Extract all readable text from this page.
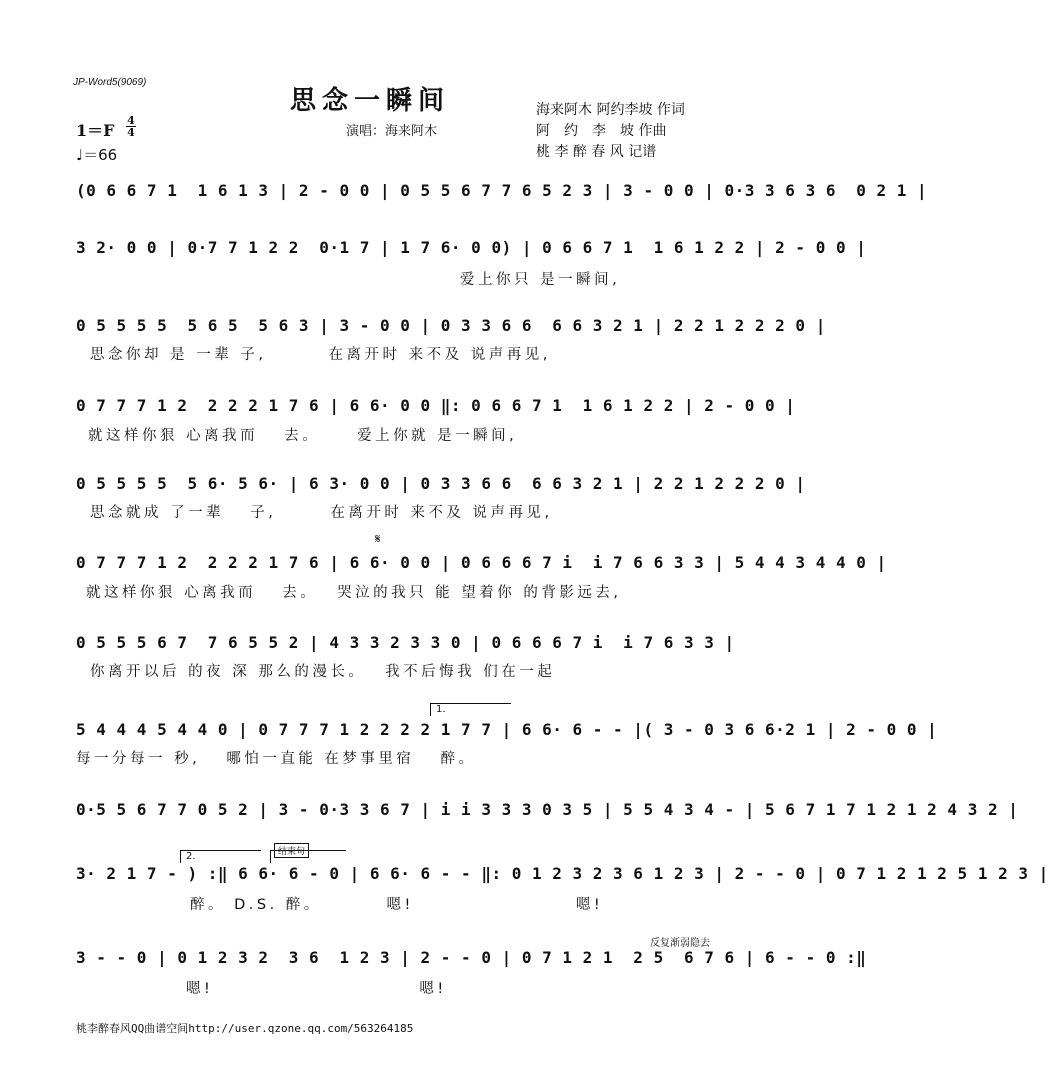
JP-Word5(9069)
思念一瞬间
演唱：海来阿木
海来阿木 阿约李坡 作词
阿　约　李　坡 作曲
桃 李 醉 春 风 记谱
1＝F
4
4
♩＝66
(0 6 6 7 1  1 6 1 3 | 2 - 0 0 | 0 5 5 6 7 7 6 5 2 3 | 3 - 0 0 | 0·3 3 6 3 6  0 2 1 |
3 2· 0 0 | 0·7 7 1 2 2  0·1 7 | 1 7 6· 0 0) | 0 6 6 7 1  1 6 1 2 2 | 2 - 0 0 |
爱上你只 是一瞬间,
0 5 5 5 5  5 6 5  5 6 3 | 3 - 0 0 | 0 3 3 6 6  6 6 3 2 1 | 2 2 1 2 2 2 0 |
思念你却 是 一辈 子,　　　 在离开时 来不及 说声再见,
0 7 7 7 1 2  2 2 2 1 7 6 | 6 6· 0 0 ‖: 0 6 6 7 1  1 6 1 2 2 | 2 - 0 0 |
就这样你狠 心离我而　 去。　　 爱上你就 是一瞬间,
0 5 5 5 5  5 6· 5 6· | 6 3· 0 0 | 0 3 3 6 6  6 6 3 2 1 | 2 2 1 2 2 2 0 |
思念就成 了一辈　 子,　　　在离开时 来不及 说声再见,
𝄋
0 7 7 7 1 2  2 2 2 1 7 6 | 6 6· 0 0 | 0 6 6 6 7 i  i 7 6 6 3 3 | 5 4 4 3 4 4 0 |
就这样你狠 心离我而　 去。　 哭泣的我只 能 望着你 的背影远去,
0 5 5 5 6 7  7 6 5 5 2 | 4 3 3 2 3 3 0 | 0 6 6 6 7 i  i 7 6 3 3 |
你离开以后 的夜 深 那么的漫长。　 我不后悔我 们在一起
1.
5 4 4 4 5 4 4 0 | 0 7 7 7 1 2 2 2 2 1 7 7 | 6 6· 6 - - |( 3 - 0 3 6 6·2 1 | 2 - 0 0 |
每一分每一 秒,　 哪怕一直能 在梦事里宿　 醉。
0·5 5 6 7 7 0 5 2 | 3 - 0·3 3 6 7 | i i 3 3 3 0 3 5 | 5 5 4 3 4 - | 5 6 7 1 7 1 2 1 2 4 3 2 |
2.	结束句
3· 2 1 7 - ) :‖ 6 6· 6 - 0 | 6 6· 6 - - ‖: 0 1 2 3 2 3 6 1 2 3 | 2 - - 0 | 0 7 1 2 1 2 5 1 2 3 |
醉。 D.S. 醉。　　　　嗯!　　　　　　　　　嗯!
反复渐弱隐去
3 - - 0 | 0 1 2 3 2  3 6  1 2 3 | 2 - - 0 | 0 7 1 2 1  2 5  6 7 6 | 6 - - 0 :‖
嗯!　　　　　　　　　　　 嗯!
桃李醉春风QQ曲谱空间http://user.qzone.qq.com/563264185
